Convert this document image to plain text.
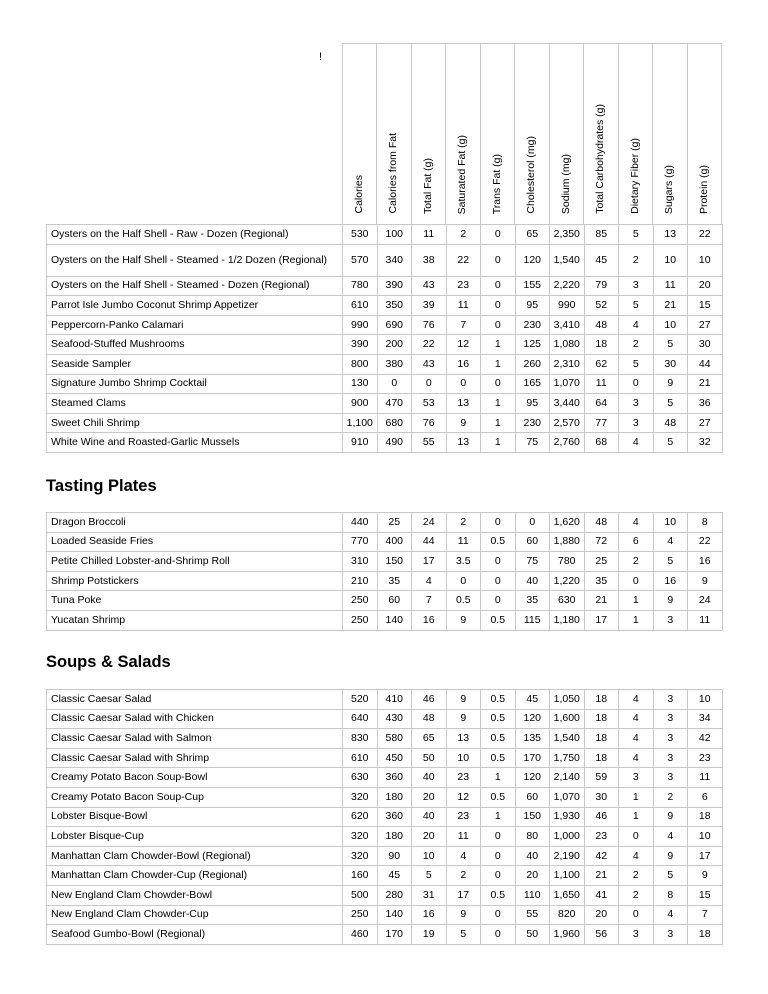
!
	Calories	Calories from Fat	Total Fat (g)	Saturated Fat (g)	Trans Fat (g)	Cholesterol (mg)	Sodium (mg)	Total Carbohydrates (g)	Dietary Fiber (g)	Sugars (g)	Protein (g)
Oysters on the Half Shell - Raw - Dozen (Regional)	530	100	11	2	0	65	2,350	85	5	13	22
Oysters on the Half Shell - Steamed - 1/2 Dozen (Regional)	570	340	38	22	0	120	1,540	45	2	10	10
Oysters on the Half Shell - Steamed - Dozen (Regional)	780	390	43	23	0	155	2,220	79	3	11	20
Parrot Isle Jumbo Coconut Shrimp Appetizer	610	350	39	11	0	95	990	52	5	21	15
Peppercorn-Panko Calamari	990	690	76	7	0	230	3,410	48	4	10	27
Seafood-Stuffed Mushrooms	390	200	22	12	1	125	1,080	18	2	5	30
Seaside Sampler	800	380	43	16	1	260	2,310	62	5	30	44
Signature Jumbo Shrimp Cocktail	130	0	0	0	0	165	1,070	11	0	9	21
Steamed Clams	900	470	53	13	1	95	3,440	64	3	5	36
Sweet Chili Shrimp	1,100	680	76	9	1	230	2,570	77	3	48	27
White Wine and Roasted-Garlic Mussels	910	490	55	13	1	75	2,760	68	4	5	32
Tasting Plates
Dragon Broccoli	440	25	24	2	0	0	1,620	48	4	10	8
Loaded Seaside Fries	770	400	44	11	0.5	60	1,880	72	6	4	22
Petite Chilled Lobster-and-Shrimp Roll	310	150	17	3.5	0	75	780	25	2	5	16
Shrimp Potstickers	210	35	4	0	0	40	1,220	35	0	16	9
Tuna Poke	250	60	7	0.5	0	35	630	21	1	9	24
Yucatan Shrimp	250	140	16	9	0.5	115	1,180	17	1	3	11
Soups & Salads
Classic Caesar Salad	520	410	46	9	0.5	45	1,050	18	4	3	10
Classic Caesar Salad with Chicken	640	430	48	9	0.5	120	1,600	18	4	3	34
Classic Caesar Salad with Salmon	830	580	65	13	0.5	135	1,540	18	4	3	42
Classic Caesar Salad with Shrimp	610	450	50	10	0.5	170	1,750	18	4	3	23
Creamy Potato Bacon Soup-Bowl	630	360	40	23	1	120	2,140	59	3	3	11
Creamy Potato Bacon Soup-Cup	320	180	20	12	0.5	60	1,070	30	1	2	6
Lobster Bisque-Bowl	620	360	40	23	1	150	1,930	46	1	9	18
Lobster Bisque-Cup	320	180	20	11	0	80	1,000	23	0	4	10
Manhattan Clam Chowder-Bowl (Regional)	320	90	10	4	0	40	2,190	42	4	9	17
Manhattan Clam Chowder-Cup (Regional)	160	45	5	2	0	20	1,100	21	2	5	9
New England Clam Chowder-Bowl	500	280	31	17	0.5	110	1,650	41	2	8	15
New England Clam Chowder-Cup	250	140	16	9	0	55	820	20	0	4	7
Seafood Gumbo-Bowl (Regional)	460	170	19	5	0	50	1,960	56	3	3	18
